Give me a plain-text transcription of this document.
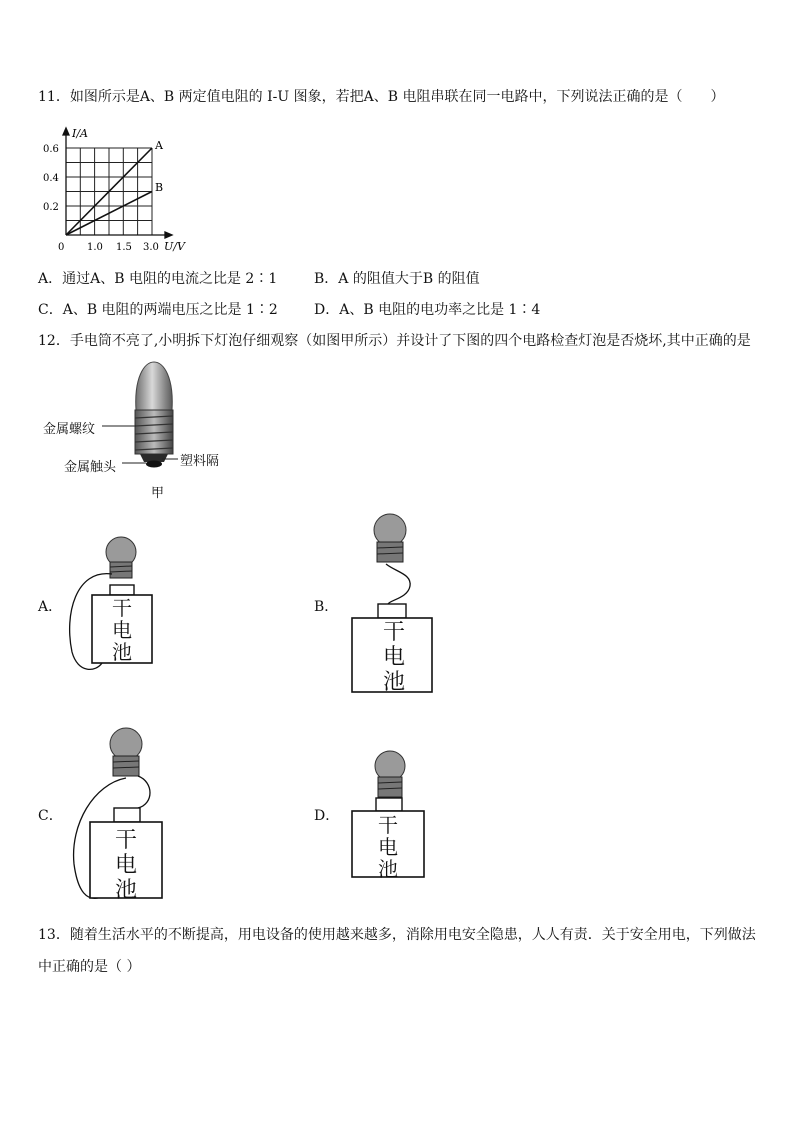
11．如图所示是A、B 两定值电阻的 I-U 图象，若把A、B 电阻串联在同一电路中，下列说法正确的是（　　）
I/A
U/V
0
0.6
0.4
0.2
1.0 1.5 3.0
A
B
A．通过A、B 电阻的电流之比是 2∶1	B．A 的阻值大于B 的阻值
C．A、B 电阻的两端电压之比是 1∶2	D．A、B 电阻的电功率之比是 1∶4
12．手电筒不亮了,小明拆下灯泡仔细观察（如图甲所示）并设计了下图的四个电路检查灯泡是否烧坏,其中正确的是
金属螺纹
金属触头	塑料隔
甲
A．	干
电
池
B．
干
电
池
C．
干
电
池
D．	干
电
池
13．随着生活水平的不断提高，用电设备的使用越来越多，消除用电安全隐患，人人有责．关于安全用电，下列做法
中正确的是（ ）
